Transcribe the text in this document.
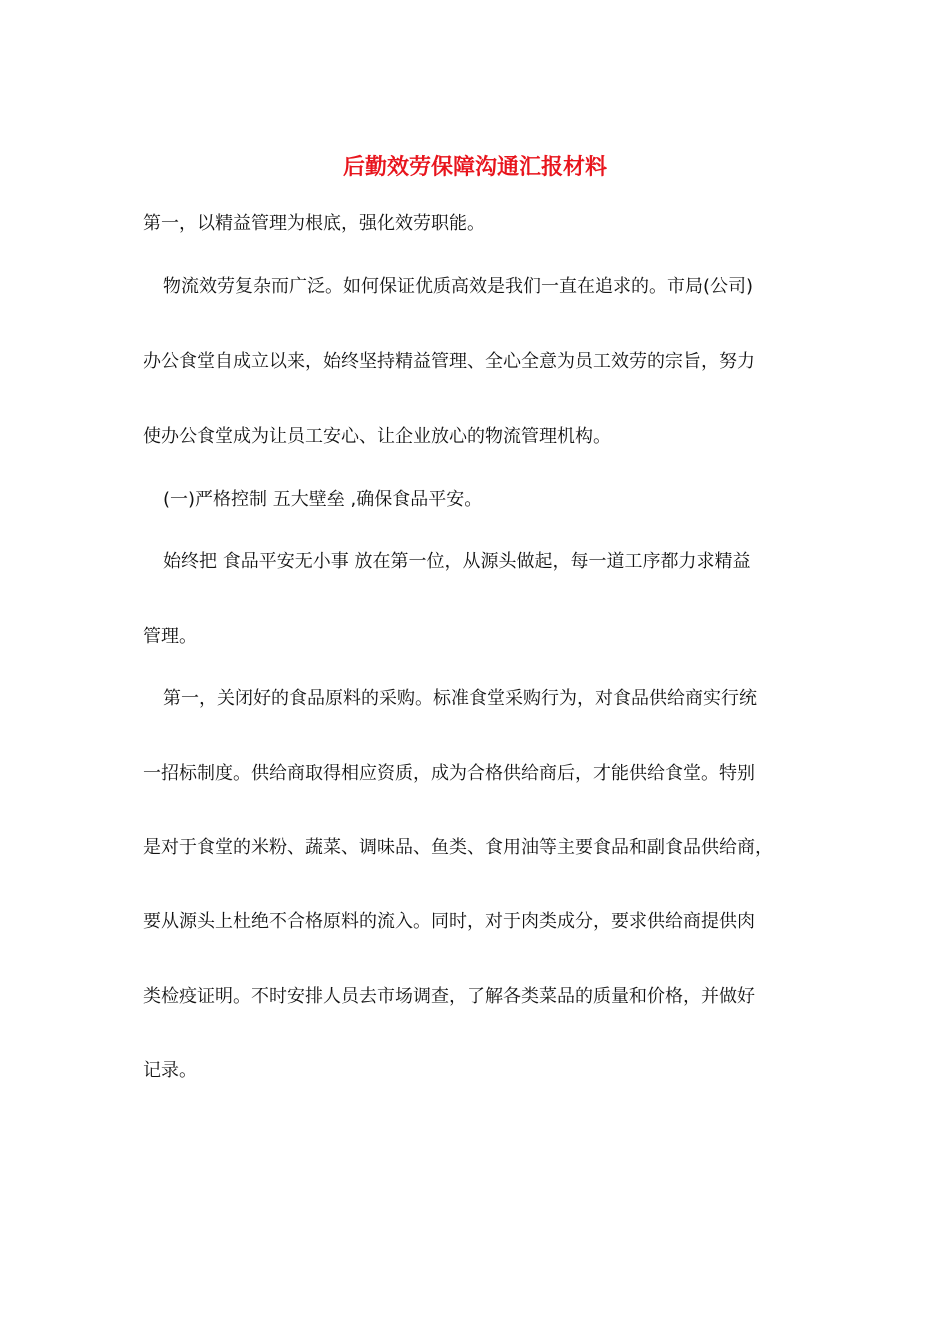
后勤效劳保障沟通汇报材料
第一，以精益管理为根底，强化效劳职能。
物流效劳复杂而广泛。如何保证优质高效是我们一直在追求的。市局(公司)
办公食堂自成立以来，始终坚持精益管理、全心全意为员工效劳的宗旨，努力
使办公食堂成为让员工安心、让企业放心的物流管理机构。
(一)严格控制 五大壁垒 ,确保食品平安。
始终把 食品平安无小事 放在第一位，从源头做起，每一道工序都力求精益
管理。
第一，关闭好的食品原料的采购。标准食堂采购行为，对食品供给商实行统
一招标制度。供给商取得相应资质，成为合格供给商后，才能供给食堂。特别
是对于食堂的米粉、蔬菜、调味品、鱼类、食用油等主要食品和副食品供给商，
要从源头上杜绝不合格原料的流入。同时，对于肉类成分，要求供给商提供肉
类检疫证明。不时安排人员去市场调查，了解各类菜品的质量和价格，并做好
记录。
